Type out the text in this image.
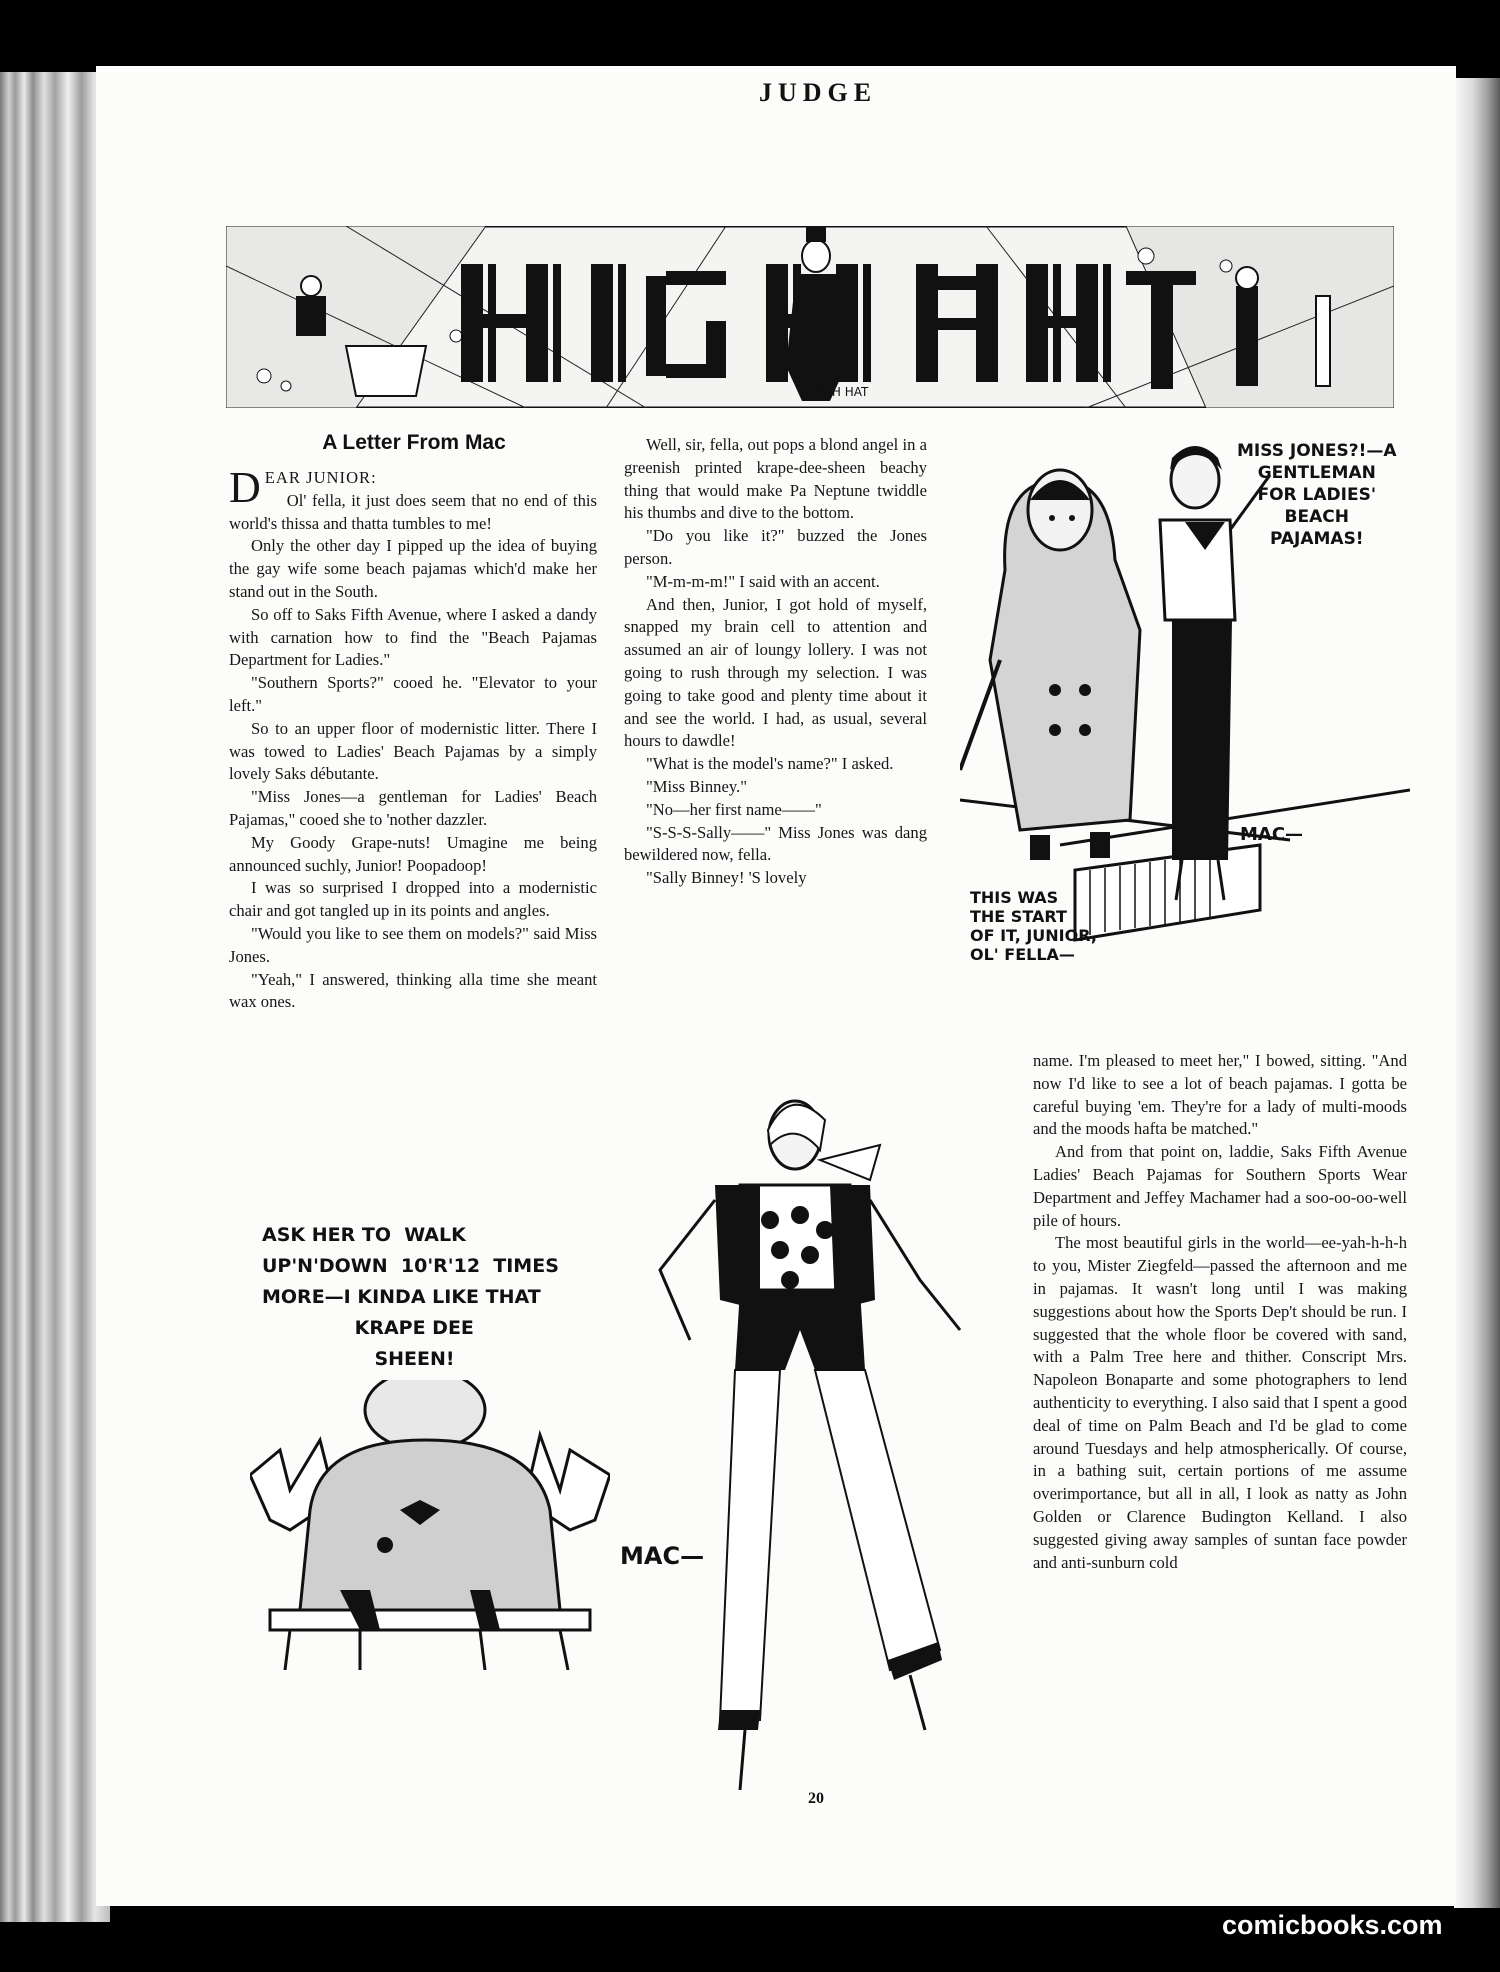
JUDGE
HIGH HAT
A Letter From Mac

DEAR JUNIOR:

Ol' fella, it just does seem that no end of this world's thissa and thatta tumbles to me!

Only the other day I pipped up the idea of buying the gay wife some beach pajamas which'd make her stand out in the South.

So off to Saks Fifth Avenue, where I asked a dandy with carnation how to find the "Beach Pajamas Department for Ladies."

"Southern Sports?" cooed he. "Elevator to your left."

So to an upper floor of modernistic litter. There I was towed to Ladies' Beach Pajamas by a simply lovely Saks débutante.

"Miss Jones—a gentleman for Ladies' Beach Pajamas," cooed she to 'nother dazzler.

My Goody Grape-nuts! Umagine me being announced suchly, Junior! Poopadoop!

I was so surprised I dropped into a modernistic chair and got tangled up in its points and angles.

"Would you like to see them on models?" said Miss Jones.

"Yeah," I answered, thinking alla time she meant wax ones.

Well, sir, fella, out pops a blond angel in a greenish printed krape-dee-sheen beachy thing that would make Pa Neptune twiddle his thumbs and dive to the bottom.

"Do you like it?" buzzed the Jones person.

"M-m-m-m!" I said with an accent.

And then, Junior, I got hold of myself, snapped my brain cell to attention and assumed an air of loungy lollery. I was not going to rush through my selection. I was going to take good and plenty time about it and see the world. I had, as usual, several hours to dawdle!

"What is the model's name?" I asked.

"Miss Binney."

"No—her first name——"

"S-S-S-Sally——" Miss Jones was dang bewildered now, fella.

"Sally Binney! 'S lovely

name. I'm pleased to meet her," I bowed, sitting. "And now I'd like to see a lot of beach pajamas. I gotta be careful buying 'em. They're for a lady of multi-moods and the moods hafta be matched."

And from that point on, laddie, Saks Fifth Avenue Ladies' Beach Pajamas for Southern Sports Wear Department and Jeffey Machamer had a soo-oo-oo-well pile of hours.

The most beautiful girls in the world—ee-yah-h-h-h to you, Mister Ziegfeld—passed the afternoon and me in pajamas. It wasn't long until I was making suggestions about how the Sports Dep't should be run. I suggested that the whole floor be covered with sand, with a Palm Tree here and thither. Conscript Mrs. Napoleon Bonaparte and some photographers to lend authenticity to everything. I also said that I spent a good deal of time on Palm Beach and I'd be glad to come around Tuesdays and help atmospherically. Of course, in a bathing suit, certain portions of me assume overimportance, but all in all, I look as natty as John Golden or Clarence Budington Kelland. I also suggested giving away samples of suntan face powder and anti-sunburn cold

MAC—
MISS JONES?!—A
GENTLEMAN
FOR LADIES'
BEACH
PAJAMAS!
THIS WAS
THE START
OF IT, JUNIOR,
OL' FELLA—
ASK HER TO  WALK
UP'N'DOWN  10'R'12  TIMES
MORE—I KINDA LIKE THAT
KRAPE DEE
SHEEN!
MAC—
20
comicbooks.com
